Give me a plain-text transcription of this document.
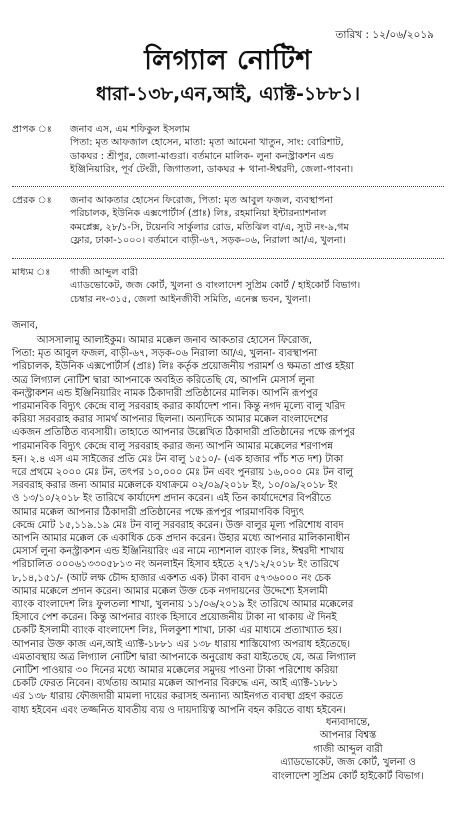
তারিখ : ১২/০৬/২০১৯
লিগ্যাল নোটিশ
ধারা-১৩৮,এন,আই, এ্যাক্ট-১৮৮১।
প্রাপক ঃ	জনাব এস, এম শফিকুল ইসলাম
পিতা: মৃত আফজাল হোসেন, মাতা: মৃতা আমেনা খাতুন, সাং: বোরিশাট,
ডাকঘর : শ্রীপুর, জেলা-মাগুরা। বর্তমানে মালিক- লুনা কনস্ট্রাকশন এন্ড
ইঞ্জিনিয়ারিং, পূর্ব টেংরী, জিগাতলা, ডাকঘর + থানা-ঈশ্বরদী, জেলা-পাবনা।
প্রেরক ঃ	জনাব আকতার হোসেন ফিরোজ, পিতা: মৃত আবুল ফজল, ব্যবস্থাপনা
পরিচালক, ইউনিক এক্সপোর্টার্স (প্রাঃ) লিঃ, রহমানিয়া ইন্টারন্যাশনাল
কমপ্লেক্স, ২৮/১-সি, টয়েনবি সার্কুলার রোড, মতিঝিল বা/এ, স্যুট নং-৯,গম
ফ্লোর, ঢাকা-১০০০। বর্তমানে বাড়ী-৬৭, সড়ক-০৬, নিরালা আ/এ, খুলনা।
মাধ্যম ঃ	গাজী আব্দুল বারী
এ্যাডভোকেট, জজ কোর্ট, খুলনা ও বাংলাদেশ সুপ্রিম কোর্ট / হাইকোর্ট বিভাগ।
চেম্বার নং-৩১৫, জেলা আইনজীবী সমিতি, এনেক্স ভবন, খুলনা।
জনাব,
আসসালামু আলাইকুম। আমার মক্কেল জনাব আকতার হোসেন ফিরোজ,
পিতা: মৃত আবুল ফজল, বাড়ী-৬৭, সড়ক-০৬ নিরালা আ/এ, খুলনা- ব্যবস্থাপনা
পরিচালক, ইউনিক এক্সপোর্টার্স (প্রাঃ) লিঃ কর্তৃক প্রয়োজনীয় পরামর্শ ও ক্ষমতা প্রাপ্ত হইয়া
অত্র লিগ্যাল নোটিশ দ্বারা আপনাকে অবহিত করিতেছি যে, আপনি মেসার্স লুনা
কনস্ট্রাকশন এন্ড ইঞ্জিনিয়ারিং নামক ঠিকাদারী প্রতিষ্ঠানের মালিক। আপনি রূপপুর
পারমানবিক বিদ্যুৎ কেন্দ্রে বালু সরবরাহ করার কার্যাদেশ পান। কিন্তু নগদ মূল্যে বালু খরিদ
করিয়া সরবরাহ করার সামর্থ আপনার ছিলনা। অন্যদিকে আমার মক্কেল বাংলাদেশের
একজন প্রতিষ্ঠিত ব্যবসায়ী। তাহাতে আপনার উল্লেখিত ঠিকাদারী প্রতিষ্ঠানের পক্ষে রূপপুর
পারমানবিক বিদ্যুৎ কেন্দ্রে বালু সরবরাহ করার জন্য আপনি আমার মক্কেলের শরণাপন্ন
হন। ২.৪ এস এম সাইজের প্রতি মেঃ টন বালু ১৫১০/- (এক হাজার পাঁচ শত দশ) টাকা
দরে প্রথমে ২০০০ মেঃ টন, তৎপর ১০,০০০ মেঃ টন এবং পুনরায় ১৬,০০০ মেঃ টন বালু
সরবরাহ করার জন্য আমার মক্কেলকে যথাক্রমে ০২/০৯/২০১৮ ইং, ১০/০৯/২০১৮ ইং
ও ১৩/১০/২০১৮ ইং তারিখে কার্যাদেশ প্রদান করেন। এই তিন কার্যাদেশের বিপরীতে
আমার মক্কেল আপনার ঠিকাদারী প্রতিষ্ঠানের পক্ষে রূপপুর পারমাণবিক বিদ্যুৎ
কেন্দ্রে মোট ১৫,১১৯.১৯ মেঃ টন বালু সরবরাহ করেন। উক্ত বালুর মূল্য পরিশোধ বাবদ
আপনি আমার মক্কেল কে একাধিক চেক প্রদান করেন। উহার মধ্যে আপনার মালিকানাধীন
মেসার্স লুনা কনস্ট্রাকশন এন্ড ইঞ্জিনিয়ারিং এর নামে ন্যাশনাল ব্যাংক লিঃ, ঈশ্বরদী শাখায়
পরিচালিত ০০০৬১৩৩০৫৮১৩ নং অনলাইন হিসাব হইতে ২৭/১২/২০১৮ ইং তারিখে
৮,১৪,১৫১/- (আট লক্ষ চৌদ্দ হাজার একশত এক) টাকা বাবদ ৫৭৩৬০০০ নং চেক
আমার মক্কেলে প্রদান করেন। আমার মক্কেল উক্ত চেক নগদায়নের উদ্দেশ্যে ইসলামী
ব্যাংক বাংলাদেশ লিঃ ফুলতলা শাখা, খুলনায় ১১/০৬/২০১৯ ইং তারিখে আমার মক্কেলের
হিসাবে পেশ করেন। কিন্তু আপনার ব্যাংক হিসাবে প্রয়োজনীয় টাকা না থাকায় ঐ দিনই
চেকটি ইসলামী ব্যাংক বাংলাদেশ লিঃ, দিলকুশা শাখা, ঢাকা এর মাধ্যমে প্রত্যাখ্যাত হয়।
আপনার উক্ত কাজ এন,আই এ্যাক্ট-১৮৮১ এর ১৩৮ ধারায় শাস্তিযোগ্য অপরাধ হইতেছে।
এমতাবস্থায় অত্র লিগ্যাল নোটিশ দ্বারা আপনাকে অনুরোধ করা যাইতেছে যে, অত্র লিগ্যাল
নোটিশ পাওয়ার ৩০ দিনের মধ্যে আমার মক্কেলের সমুদয় পাওনা টাকা পরিশোধ করিয়া
চেকটি ফেরত নিবেন। ব্যর্থতায় আমার মক্কেল আপনার বিরুদ্ধে এন, আই এ্যাক্ট-১৮৮১
এর ১৩৮ ধারায় ফৌজদারী মামলা দায়ের করাসহ অন্যান্য আইনগত ব্যবস্থা গ্রহণ করতে
বাধ্য হইবেন এবং তজ্জনিত যাবতীয় ব্যয় ও দায়দায়িত্ব আপনি বহন করিতে বাধ্য হইবেন।
ধন্যবাদান্তে,
আপনার বিশ্বস্ত
গাজী আব্দুল বারী
এ্যাডভোকেট, জজ কোর্ট, খুলনা ও
বাংলাদেশ সুপ্রিম কোর্ট হাইকোর্ট বিভাগ।
